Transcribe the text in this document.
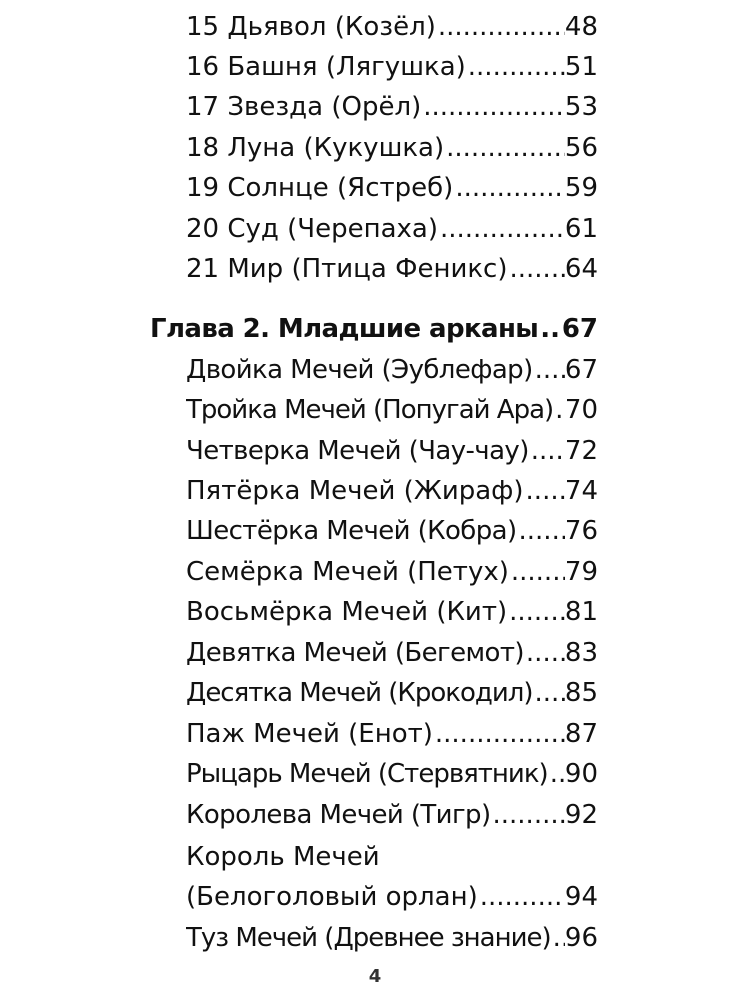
15 Дьявол (Козёл) .....	48
16 Башня (Лягушка) .....	51
17 Звезда (Орёл) .....	53
18 Луна (Кукушка) .....	56
19 Солнце (Ястреб) .....	59
20 Суд (Черепаха) .....	61
21 Мир (Птица Феникс) ..... 64
Глава 2. Младшие арканы ..... 67
Двойка Мечей (Эублефар) ..... 67
Тройка Мечей (Попугай Ара) ..... 70
Четверка Мечей (Чау-чау) ..... 72
Пятёрка Мечей (Жираф) ..... 74
Шестёрка Мечей (Кобра) ..... 76
Семёрка Мечей (Петух) ..... 79
Восьмёрка Мечей (Кит) ..... 81
Девятка Мечей (Бегемот) ..... 83
Десятка Мечей (Крокодил) ..... 85
Паж Мечей (Енот) .....	87
Рыцарь Мечей (Стервятник) ..... 90
Королева Мечей (Тигр) .....	92
Король Мечей
(Белоголовый орлан) .....	94
Туз Мечей (Древнее знание) ..... 96
4
